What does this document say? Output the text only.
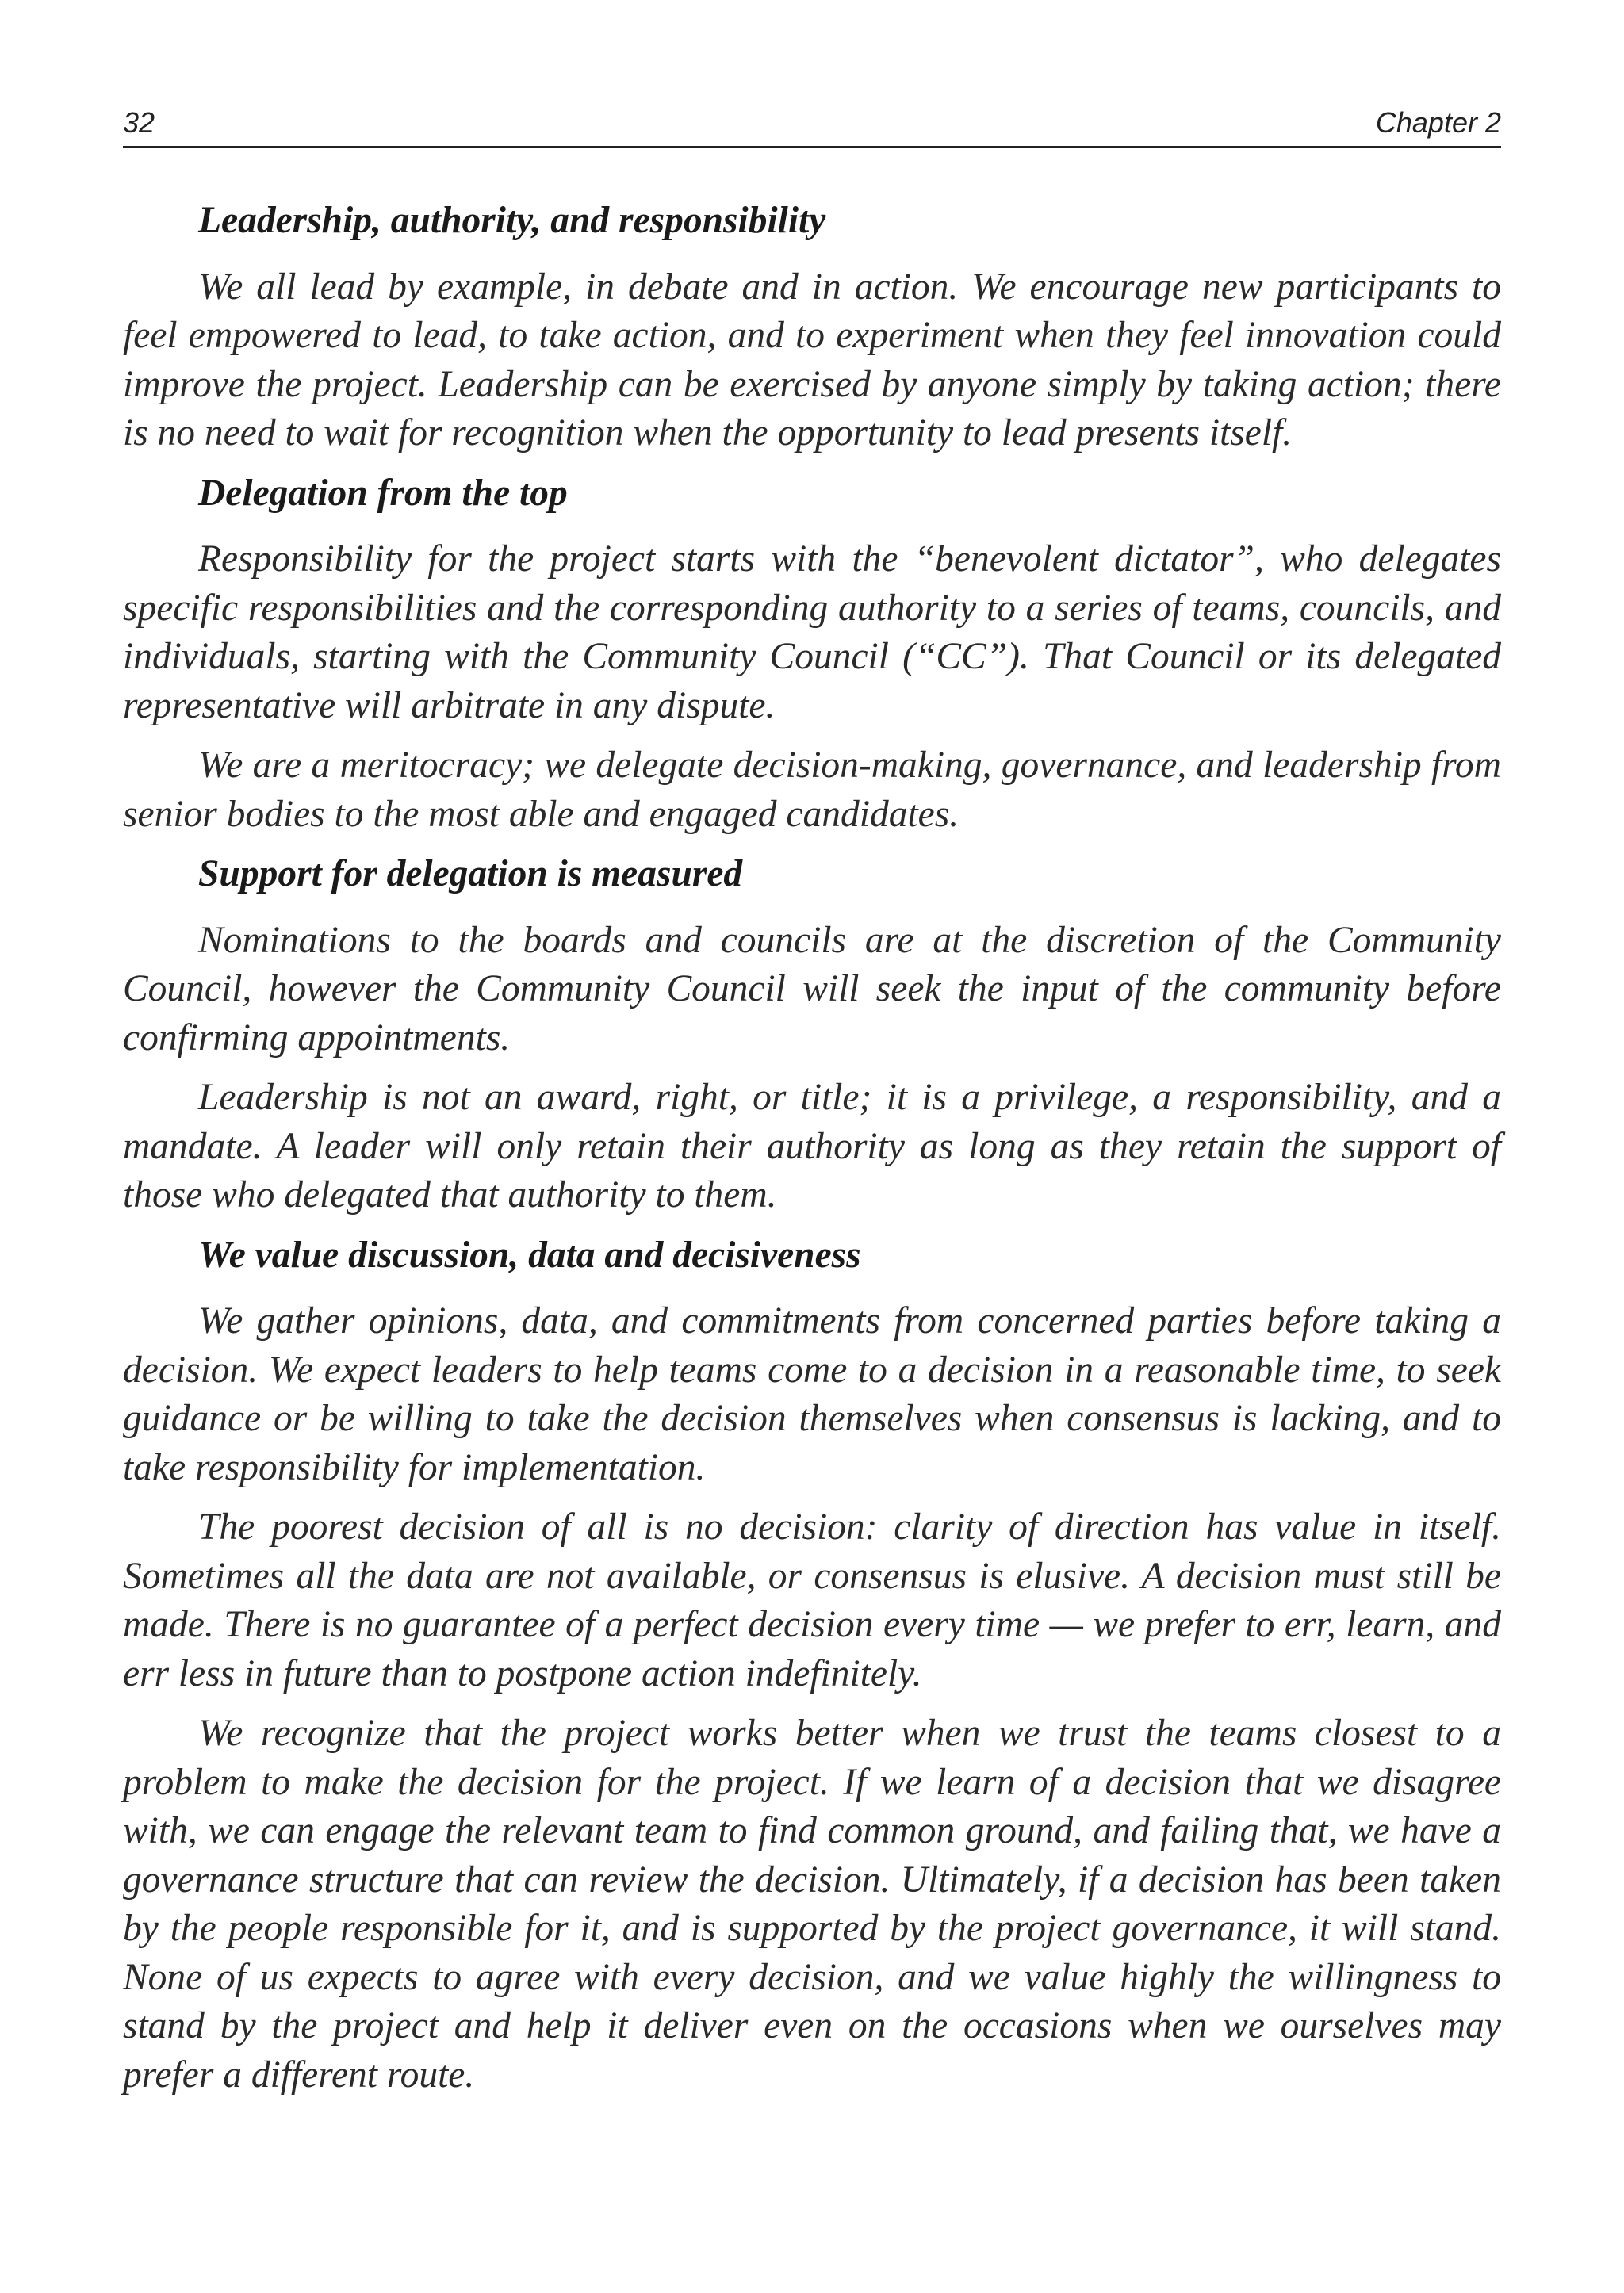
32	Chapter 2
Leadership, authority, and responsibility

We all lead by example, in debate and in action. We encourage new participants to feel empowered to lead, to take action, and to experiment when they feel innovation could improve the project. Leadership can be exercised by anyone simply by taking action; there is no need to wait for recognition when the opportunity to lead presents itself.

Delegation from the top

Responsibility for the project starts with the “benevolent dictator”, who delegates specific responsibilities and the corresponding authority to a series of teams, councils, and individuals, starting with the Community Council (“CC”). That Council or its delegated representative will arbitrate in any dispute.

We are a meritocracy; we delegate decision-making, governance, and leadership from senior bodies to the most able and engaged candidates.

Support for delegation is measured

Nominations to the boards and councils are at the discretion of the Community Council, however the Community Council will seek the input of the community before confirming appointments.

Leadership is not an award, right, or title; it is a privilege, a responsibility, and a mandate. A leader will only retain their authority as long as they retain the support of those who delegated that authority to them.

We value discussion, data and decisiveness

We gather opinions, data, and commitments from concerned parties before taking a decision. We expect leaders to help teams come to a decision in a reasonable time, to seek guidance or be willing to take the decision themselves when consensus is lacking, and to take responsibility for implementation.

The poorest decision of all is no decision: clarity of direction has value in itself. Sometimes all the data are not available, or consensus is elusive. A decision must still be made. There is no guarantee of a perfect decision every time — we prefer to err, learn, and err less in future than to postpone action indefinitely.

We recognize that the project works better when we trust the teams closest to a problem to make the decision for the project. If we learn of a decision that we disagree with, we can engage the relevant team to find common ground, and failing that, we have a governance structure that can review the decision. Ultimately, if a decision has been taken by the people responsible for it, and is supported by the project governance, it will stand. None of us expects to agree with every decision, and we value highly the willingness to stand by the project and help it deliver even on the occasions when we ourselves may prefer a different route.
